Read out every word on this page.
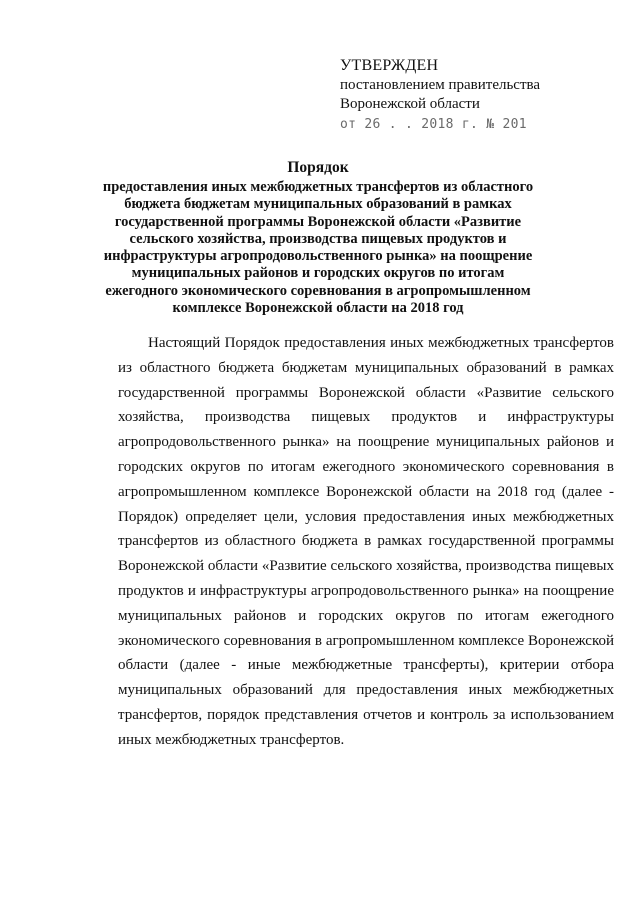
УТВЕРЖДЕН

постановлением правительства

Воронежской области

от 26 . . 2018 г. № 201

Порядок

предоставления иных межбюджетных трансфертов из областного бюджета бюджетам муниципальных образований в рамках государственной программы Воронежской области «Развитие сельского хозяйства, производства пищевых продуктов и инфраструктуры агропродовольственного рынка» на поощрение муниципальных районов и городских округов по итогам ежегодного экономического соревнования в агропромышленном комплексе Воронежской области на 2018 год

Настоящий Порядок предоставления иных межбюджетных трансфертов из областного бюджета бюджетам муниципальных образований в рамках государственной программы Воронежской области «Развитие сельского хозяйства, производства пищевых продуктов и инфраструктуры агропродовольственного рынка» на поощрение муниципальных районов и городских округов по итогам ежегодного экономического соревнования в агропромышленном комплексе Воронежской области на 2018 год (далее - Порядок) определяет цели, условия предоставления иных межбюджетных трансфертов из областного бюджета в рамках государственной программы Воронежской области «Развитие сельского хозяйства, производства пищевых продуктов и инфраструктуры агропродовольственного рынка» на поощрение муниципальных районов и городских округов по итогам ежегодного экономического соревнования в агропромышленном комплексе Воронежской области (далее - иные межбюджетные трансферты), критерии отбора муниципальных образований для предоставления иных межбюджетных трансфертов, порядок представления отчетов и контроль за использованием иных межбюджетных трансфертов.
